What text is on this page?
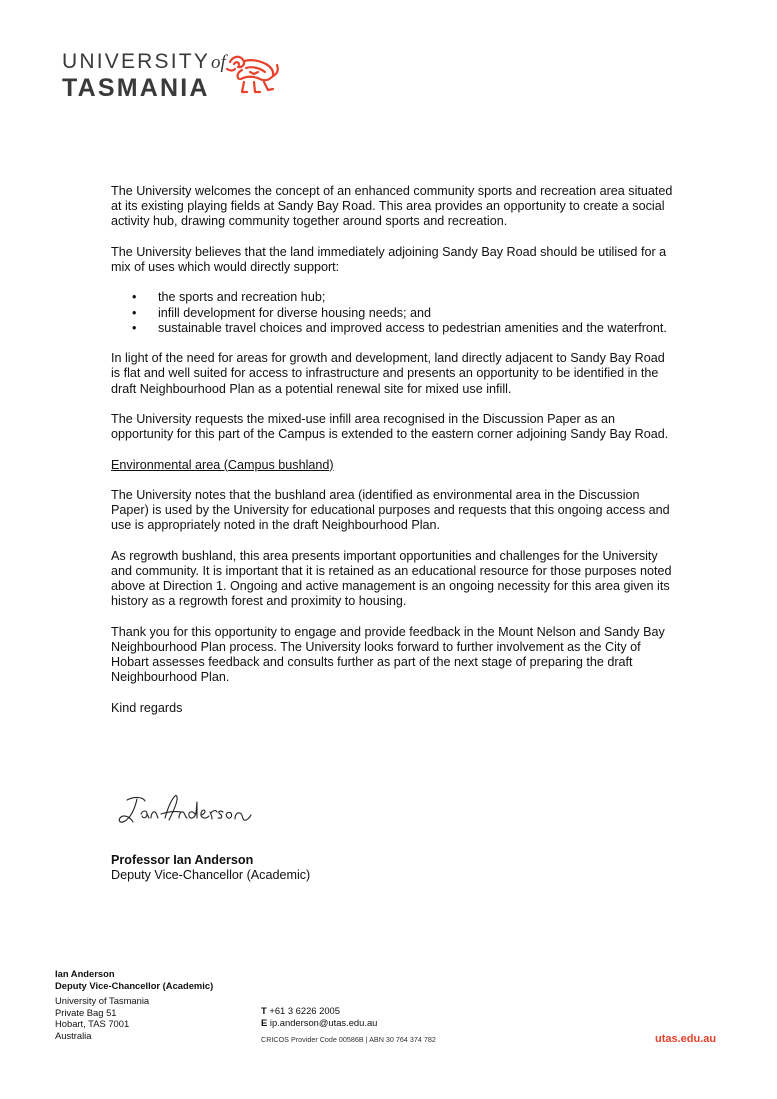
UNIVERSITYof
TASMANIA

The University welcomes the concept of an enhanced community sports and recreation area situated at its existing playing fields at Sandy Bay Road. This area provides an opportunity to create a social activity hub, drawing community together around sports and recreation.

The University believes that the land immediately adjoining Sandy Bay Road should be utilised for a mix of uses which would directly support:

• the sports and recreation hub;
• infill development for diverse housing needs; and
• sustainable travel choices and improved access to pedestrian amenities and the waterfront.

In light of the need for areas for growth and development, land directly adjacent to Sandy Bay Road is flat and well suited for access to infrastructure and presents an opportunity to be identified in the draft Neighbourhood Plan as a potential renewal site for mixed use infill.

The University requests the mixed-use infill area recognised in the Discussion Paper as an opportunity for this part of the Campus is extended to the eastern corner adjoining Sandy Bay Road.

Environmental area (Campus bushland)

The University notes that the bushland area (identified as environmental area in the Discussion Paper) is used by the University for educational purposes and requests that this ongoing access and use is appropriately noted in the draft Neighbourhood Plan.

As regrowth bushland, this area presents important opportunities and challenges for the University and community. It is important that it is retained as an educational resource for those purposes noted above at Direction 1. Ongoing and active management is an ongoing necessity for this area given its history as a regrowth forest and proximity to housing.

Thank you for this opportunity to engage and provide feedback in the Mount Nelson and Sandy Bay Neighbourhood Plan process. The University looks forward to further involvement as the City of Hobart assesses feedback and consults further as part of the next stage of preparing the draft Neighbourhood Plan.

Kind regards

Professor Ian Anderson
Deputy Vice-Chancellor (Academic)
Ian Anderson
Deputy Vice-Chancellor (Academic)
University of Tasmania
Private Bag 51
Hobart, TAS 7001
Australia
T +61 3 6226 2005
E ip.anderson@utas.edu.au
CRICOS Provider Code 00586B | ABN 30 764 374 782	utas.edu.au
